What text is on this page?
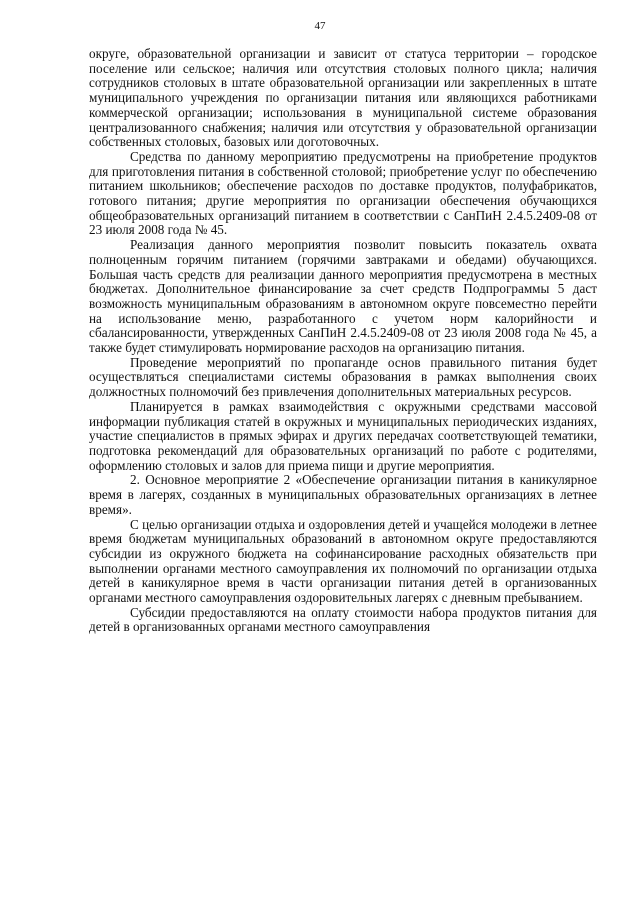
47

округе, образовательной организации и зависит от статуса территории – городское поселение или сельское; наличия или отсутствия столовых полного цикла; наличия сотрудников столовых в штате образовательной организации или закрепленных в штате муниципального учреждения по организации питания или являющихся работниками коммерческой организации; использования в муниципальной системе образования централизованного снабжения; наличия или отсутствия у образовательной организации собственных столовых, базовых или доготовочных.

Средства по данному мероприятию предусмотрены на приобретение продуктов для приготовления питания в собственной столовой; приобретение услуг по обеспечению питанием школьников; обеспечение расходов по доставке продуктов, полуфабрикатов, готового питания; другие мероприятия по организации обеспечения обучающихся общеобразовательных организаций питанием в соответствии с СанПиН 2.4.5.2409-08 от 23 июля 2008 года № 45.

Реализация данного мероприятия позволит повысить показатель охвата полноценным горячим питанием (горячими завтраками и обедами) обучающихся. Большая часть средств для реализации данного мероприятия предусмотрена в местных бюджетах. Дополнительное финансирование за счет средств Подпрограммы 5 даст возможность муниципальным образованиям в автономном округе повсеместно перейти на использование меню, разработанного с учетом норм калорийности и сбалансированности, утвержденных СанПиН 2.4.5.2409-08 от 23 июля 2008 года № 45, а также будет стимулировать нормирование расходов на организацию питания.

Проведение мероприятий по пропаганде основ правильного питания будет осуществляться специалистами системы образования в рамках выполнения своих должностных полномочий без привлечения дополнительных материальных ресурсов.

Планируется в рамках взаимодействия с окружными средствами массовой информации публикация статей в окружных и муниципальных периодических изданиях, участие специалистов в прямых эфирах и других передачах соответствующей тематики, подготовка рекомендаций для образовательных организаций по работе с родителями, оформлению столовых и залов для приема пищи и другие мероприятия.

2. Основное мероприятие 2 «Обеспечение организации питания в каникулярное время в лагерях, созданных в муниципальных образовательных организациях в летнее время».

С целью организации отдыха и оздоровления детей и учащейся молодежи в летнее время бюджетам муниципальных образований в автономном округе предоставляются субсидии из окружного бюджета на софинансирование расходных обязательств при выполнении органами местного самоуправления их полномочий по организации отдыха детей в каникулярное время в части организации питания детей в организованных органами местного самоуправления оздоровительных лагерях с дневным пребыванием.

Субсидии предоставляются на оплату стоимости набора продуктов питания для детей в организованных органами местного самоуправления
